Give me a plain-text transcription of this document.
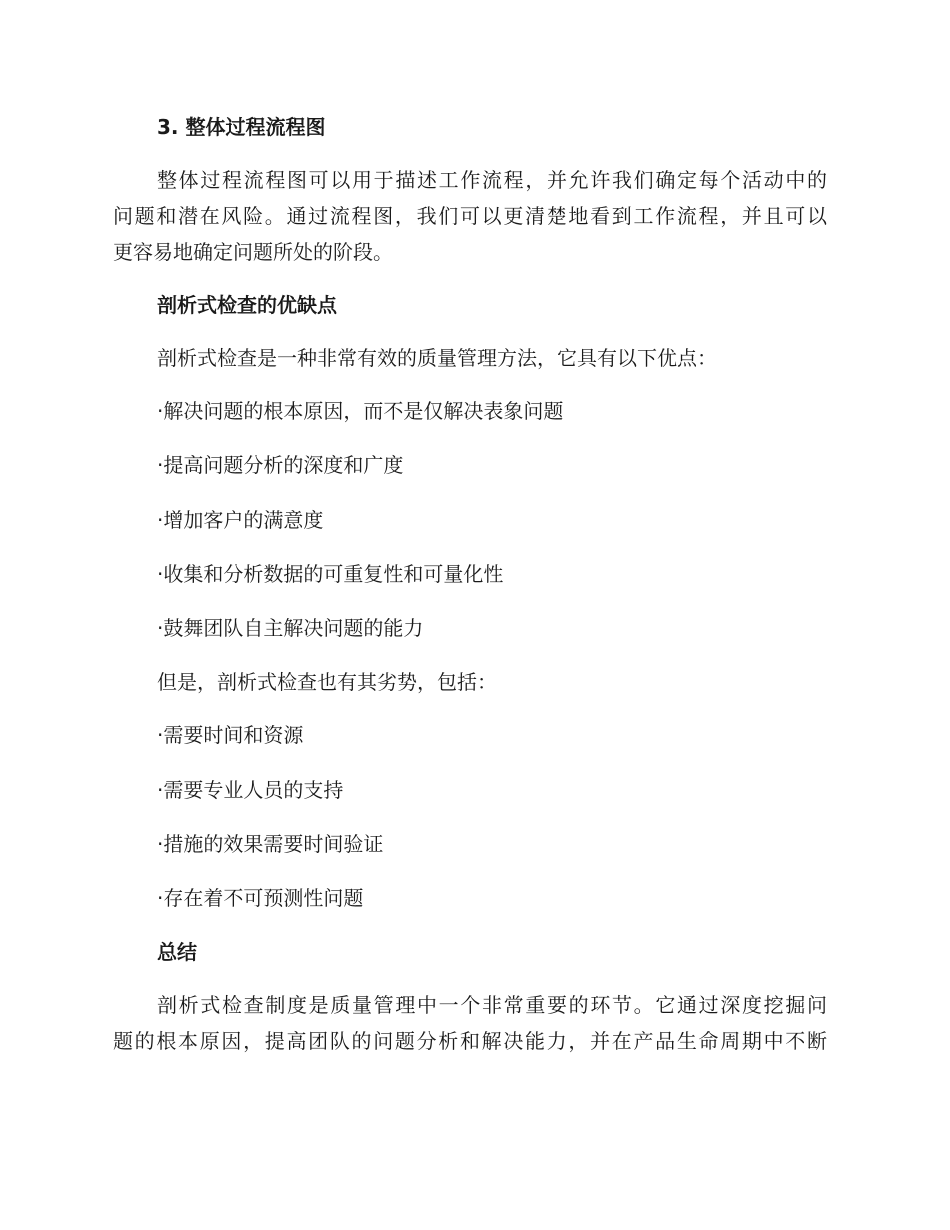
3. 整体过程流程图

整体过程流程图可以用于描述工作流程，并允许我们确定每个活动中的

问题和潜在风险。通过流程图，我们可以更清楚地看到工作流程，并且可以

更容易地确定问题所处的阶段。

剖析式检查的优缺点

剖析式检查是一种非常有效的质量管理方法，它具有以下优点：

·解决问题的根本原因，而不是仅解决表象问题

·提高问题分析的深度和广度

·增加客户的满意度

·收集和分析数据的可重复性和可量化性

·鼓舞团队自主解决问题的能力

但是，剖析式检查也有其劣势，包括：

·需要时间和资源

·需要专业人员的支持

·措施的效果需要时间验证

·存在着不可预测性问题

总结

剖析式检查制度是质量管理中一个非常重要的环节。它通过深度挖掘问

题的根本原因，提高团队的问题分析和解决能力，并在产品生命周期中不断
